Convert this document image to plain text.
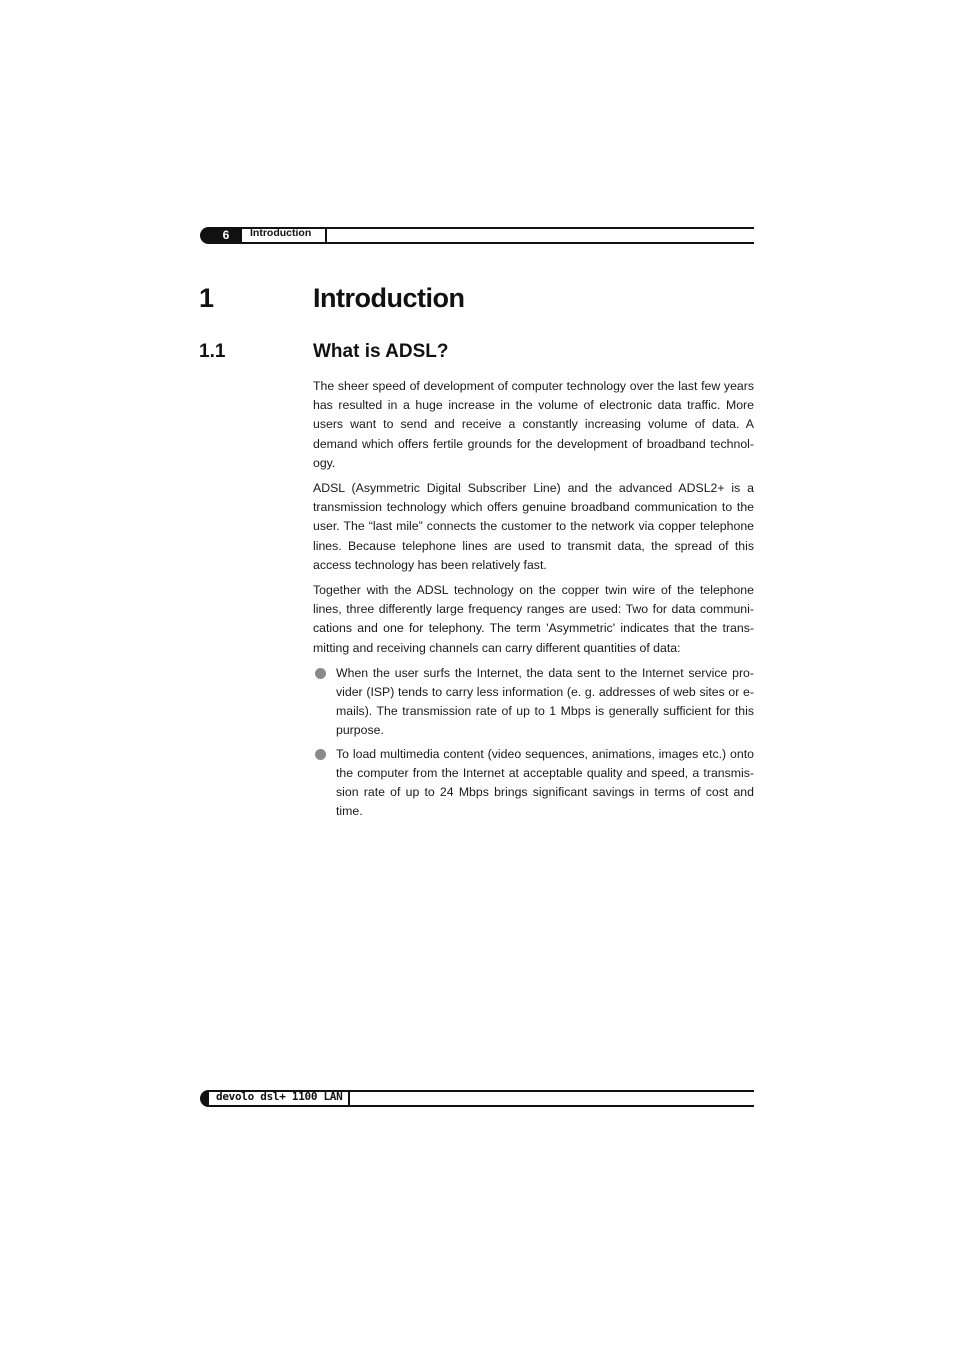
6	Introduction
1	Introduction
1.1	What is ADSL?

The sheer speed of development of computer technology over the last few years has resulted in a huge increase in the volume of electronic data traffic. More users want to send and receive a constantly increasing volume of data. A demand which offers fertile grounds for the development of broadband technology.

ADSL (Asymmetric Digital Subscriber Line) and the advanced ADSL2+ is a transmission technology which offers genuine broadband communication to the user. The “last mile” connects the customer to the network via copper telephone lines. Because telephone lines are used to transmit data, the spread of this access technology has been relatively fast.

Together with the ADSL technology on the copper twin wire of the telephone lines, three differently large frequency ranges are used: Two for data communications and one for telephony. The term 'Asymmetric' indicates that the transmitting and receiving channels can carry different quantities of data:

When the user surfs the Internet, the data sent to the Internet service provider (ISP) tends to carry less information (e. g. addresses of web sites or e-mails). The transmission rate of up to 1 Mbps is generally sufficient for this purpose.
To load multimedia content (video sequences, animations, images etc.) onto the computer from the Internet at acceptable quality and speed, a transmission rate of up to 24 Mbps brings significant savings in terms of cost and time.
devolo dsl+ 1100 LAN
